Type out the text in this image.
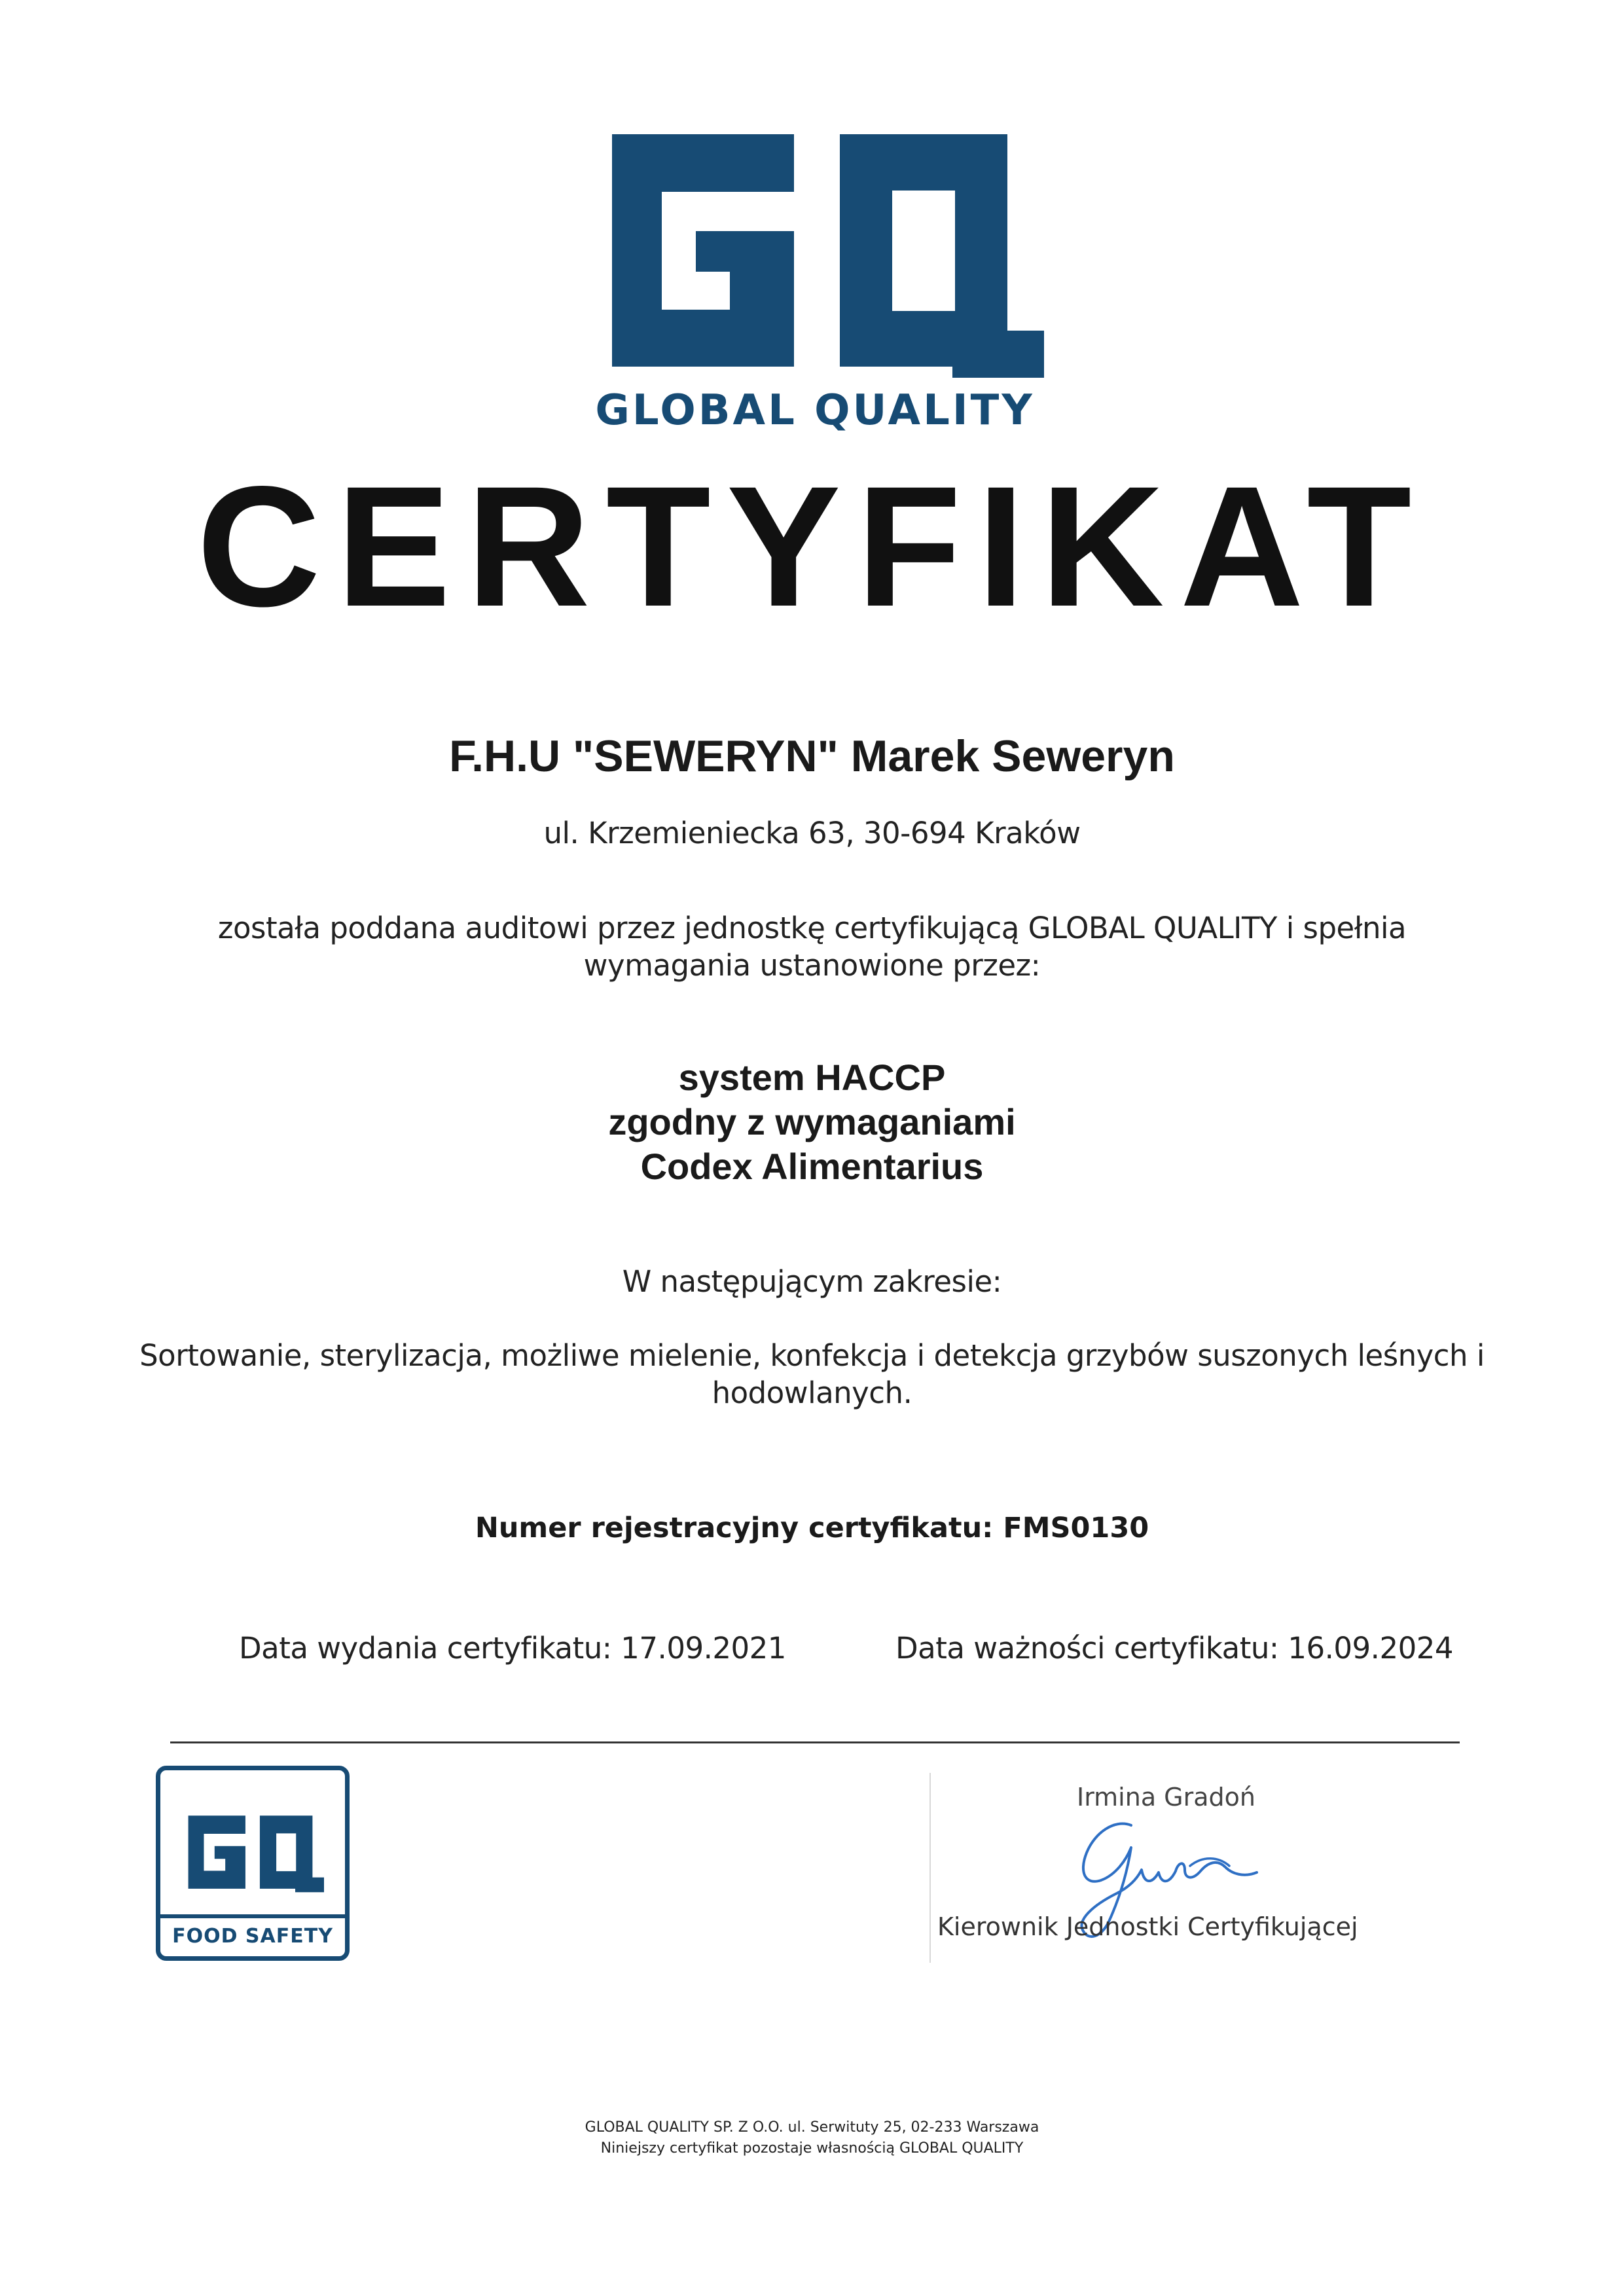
GLOBAL QUALITY
CERTYFIKAT
F.H.U "SEWERYN" Marek Seweryn
ul. Krzemieniecka 63, 30-694 Kraków
została poddana auditowi przez jednostkę certyfikującą GLOBAL QUALITY i spełnia
wymagania ustanowione przez:
system HACCP
zgodny z wymaganiami
Codex Alimentarius
W następującym zakresie:
Sortowanie, sterylizacja, możliwe mielenie, konfekcja i detekcja grzybów suszonych leśnych i
hodowlanych.
Numer rejestracyjny certyfikatu: FMS0130
Data wydania certyfikatu: 17.09.2021	Data ważności certyfikatu: 16.09.2024
FOOD SAFETY
Irmina Gradoń
Kierownik Jednostki Certyfikującej
GLOBAL QUALITY SP. Z O.O. ul. Serwituty 25, 02-233 Warszawa
Niniejszy certyfikat pozostaje własnością GLOBAL QUALITY
